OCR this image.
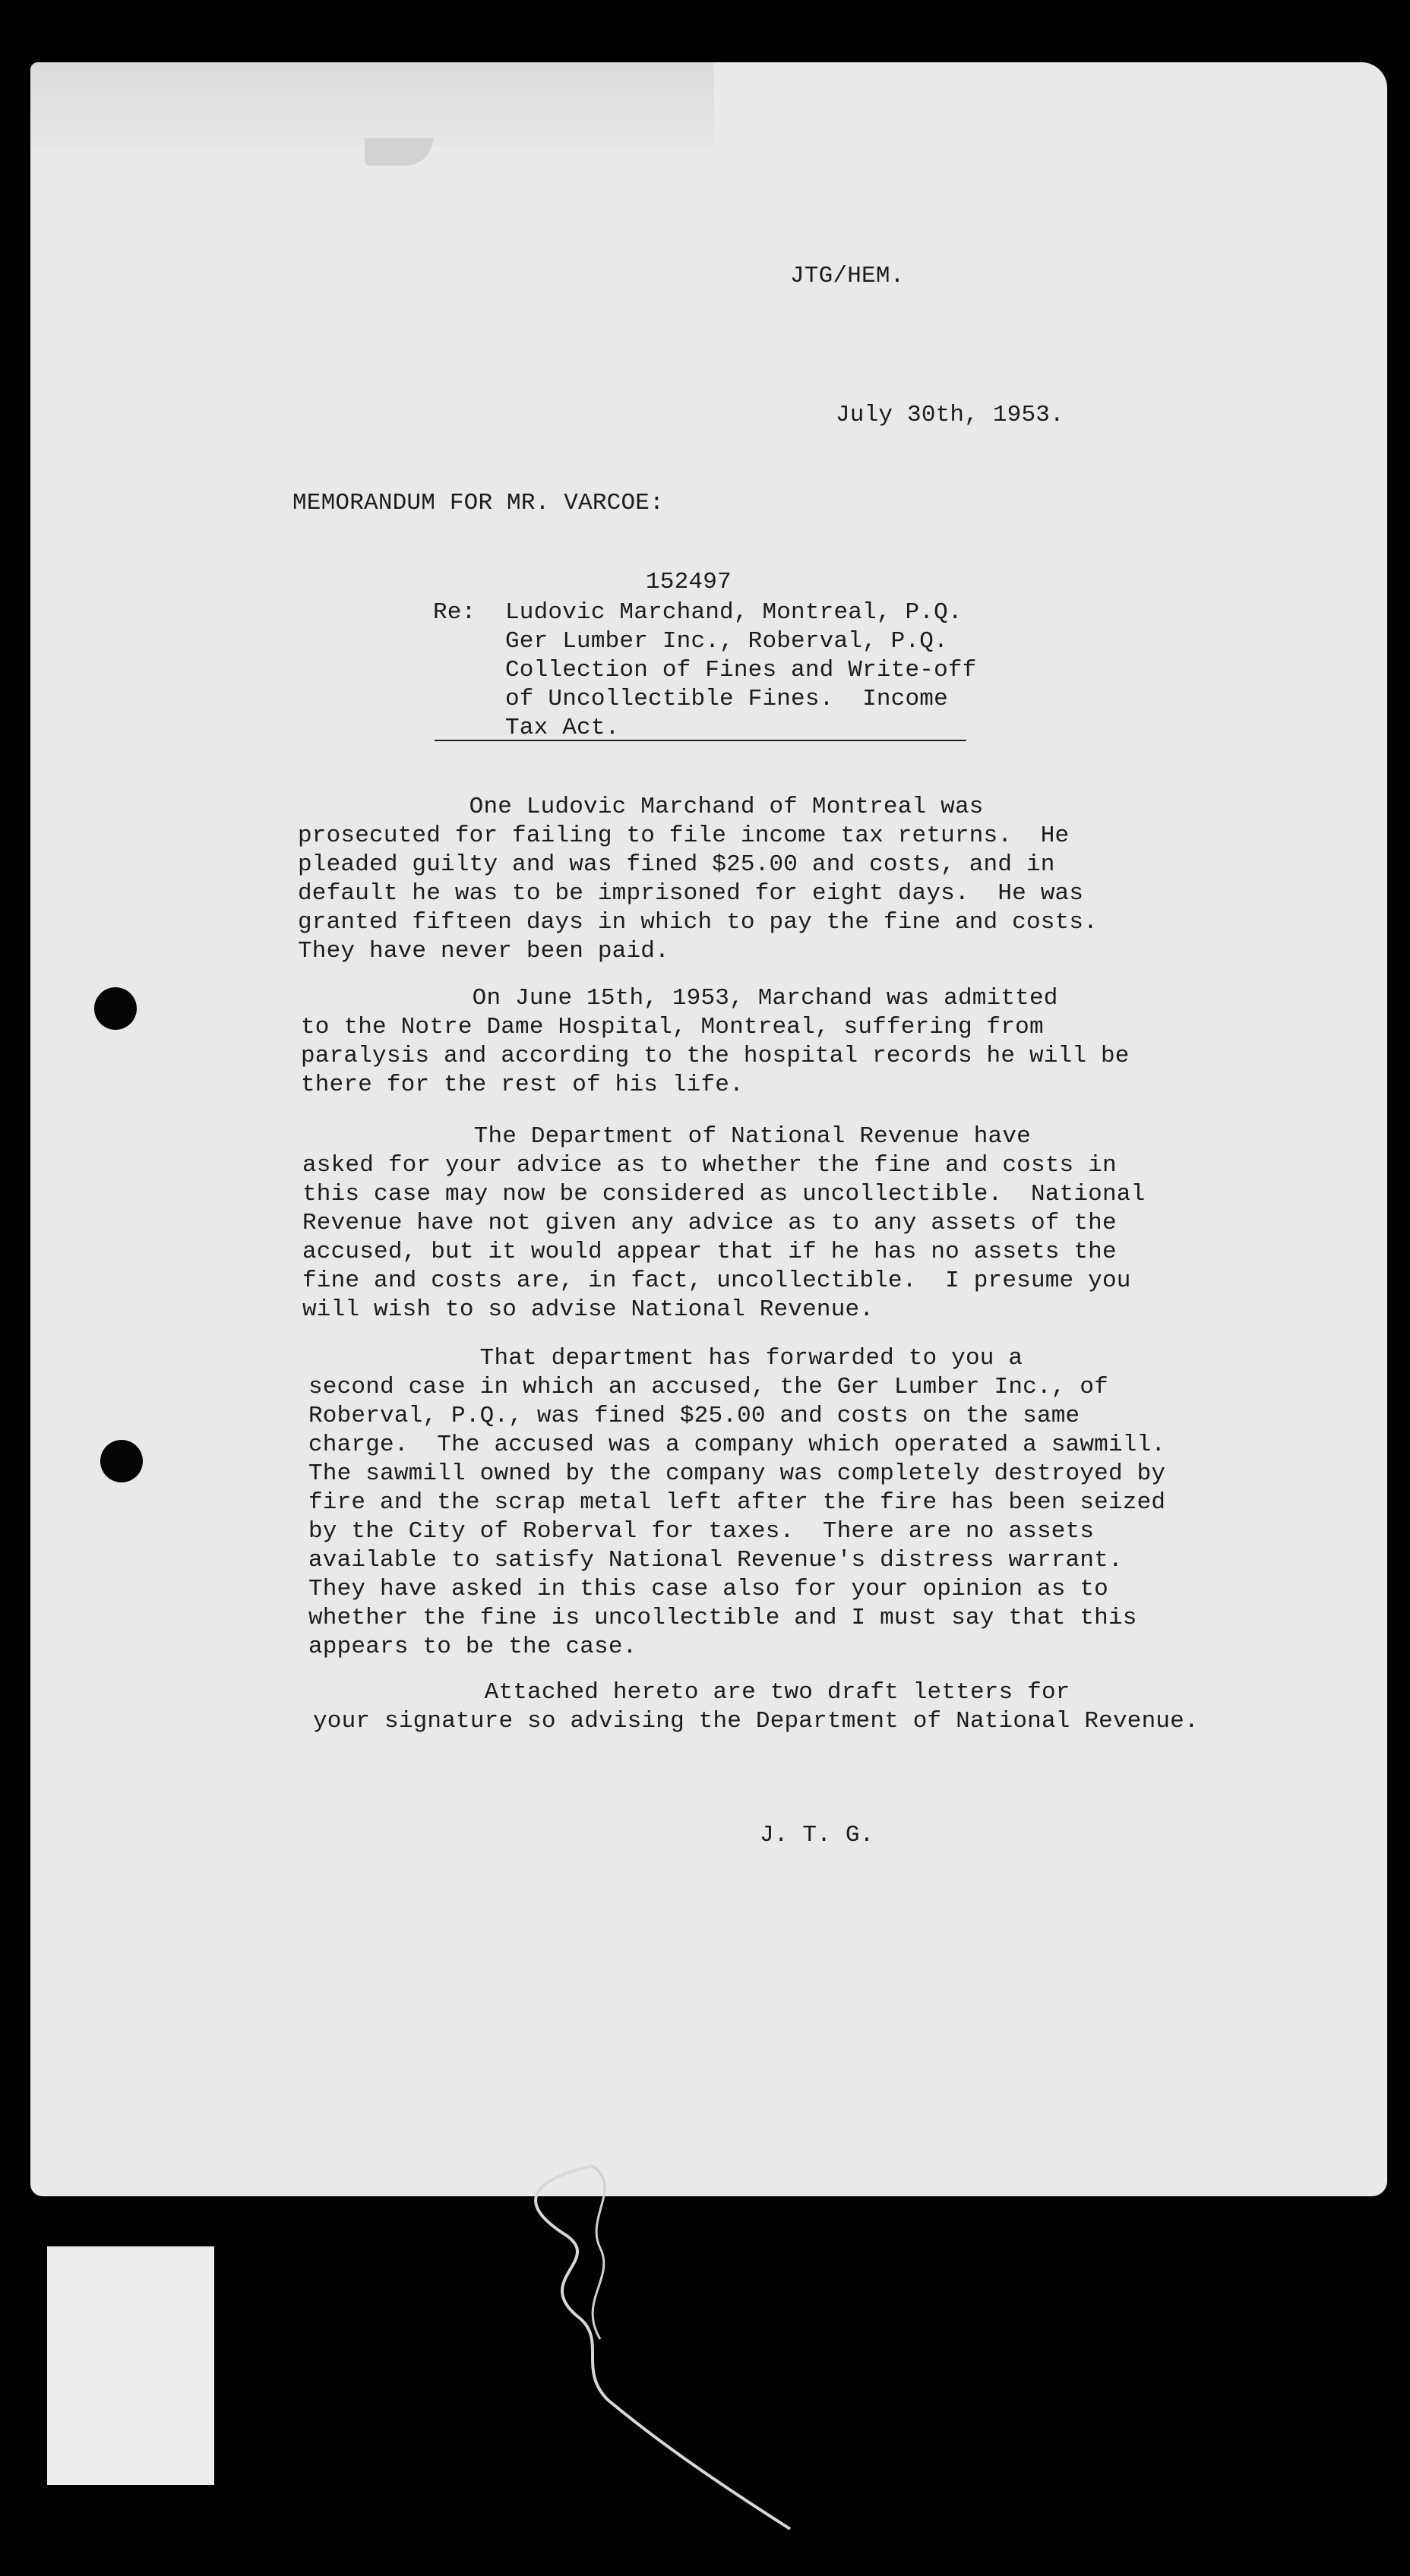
JTG/HEM.
July 30th, 1953.
MEMORANDUM FOR MR. VARCOE:
152497
Re: Ludovic Marchand, Montreal, P.Q.
Ger Lumber Inc., Roberval, P.Q.
Collection of Fines and Write-off
of Uncollectible Fines.  Income
Tax Act.
One Ludovic Marchand of Montreal was
prosecuted for failing to file income tax returns.  He
pleaded guilty and was fined $25.00 and costs, and in
default he was to be imprisoned for eight days.  He was
granted fifteen days in which to pay the fine and costs.
They have never been paid.
On June 15th, 1953, Marchand was admitted
to the Notre Dame Hospital, Montreal, suffering from
paralysis and according to the hospital records he will be
there for the rest of his life.
The Department of National Revenue have
asked for your advice as to whether the fine and costs in
this case may now be considered as uncollectible.  National
Revenue have not given any advice as to any assets of the
accused, but it would appear that if he has no assets the
fine and costs are, in fact, uncollectible.  I presume you
will wish to so advise National Revenue.
That department has forwarded to you a
second case in which an accused, the Ger Lumber Inc., of
Roberval, P.Q., was fined $25.00 and costs on the same
charge.  The accused was a company which operated a sawmill.
The sawmill owned by the company was completely destroyed by
fire and the scrap metal left after the fire has been seized
by the City of Roberval for taxes.  There are no assets
available to satisfy National Revenue's distress warrant.
They have asked in this case also for your opinion as to
whether the fine is uncollectible and I must say that this
appears to be the case.
Attached hereto are two draft letters for
your signature so advising the Department of National Revenue.
J. T. G.
